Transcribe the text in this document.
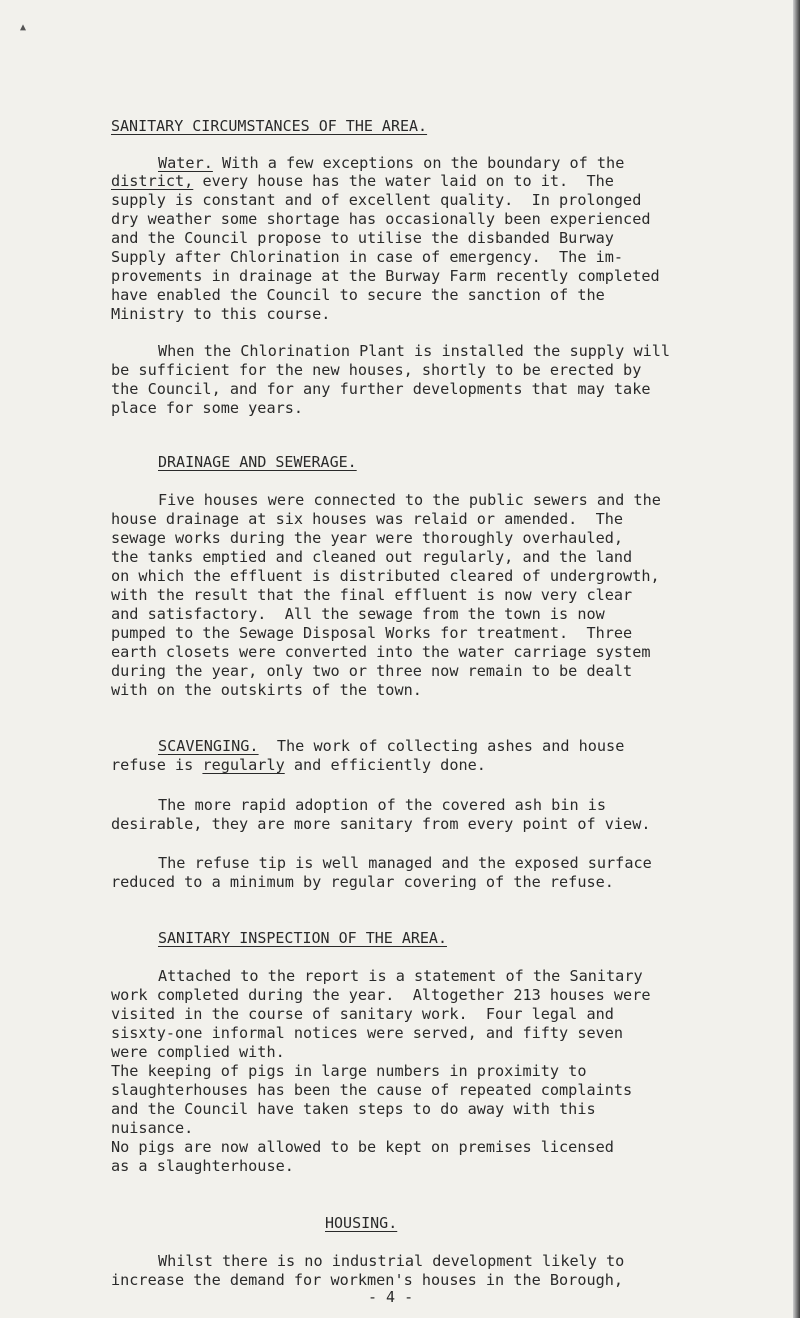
▲
SANITARY CIRCUMSTANCES OF THE AREA.
Water. With a few exceptions on the boundary of the
district, every house has the water laid on to it.  The
supply is constant and of excellent quality.  In prolonged
dry weather some shortage has occasionally been experienced
and the Council propose to utilise the disbanded Burway
Supply after Chlorination in case of emergency.  The im-
provements in drainage at the Burway Farm recently completed
have enabled the Council to secure the sanction of the
Ministry to this course.
When the Chlorination Plant is installed the supply will
be sufficient for the new houses, shortly to be erected by
the Council, and for any further developments that may take
place for some years.
DRAINAGE AND SEWERAGE.
Five houses were connected to the public sewers and the
house drainage at six houses was relaid or amended.  The
sewage works during the year were thoroughly overhauled,
the tanks emptied and cleaned out regularly, and the land
on which the effluent is distributed cleared of undergrowth,
with the result that the final effluent is now very clear
and satisfactory.  All the sewage from the town is now
pumped to the Sewage Disposal Works for treatment.  Three
earth closets were converted into the water carriage system
during the year, only two or three now remain to be dealt
with on the outskirts of the town.
SCAVENGING.  The work of collecting ashes and house
refuse is regularly and efficiently done.
The more rapid adoption of the covered ash bin is
desirable, they are more sanitary from every point of view.
The refuse tip is well managed and the exposed surface
reduced to a minimum by regular covering of the refuse.
SANITARY INSPECTION OF THE AREA.
Attached to the report is a statement of the Sanitary
work completed during the year.  Altogether 213 houses were
visited in the course of sanitary work.  Four legal and
sisxty-one informal notices were served, and fifty seven
were complied with.
The keeping of pigs in large numbers in proximity to
slaughterhouses has been the cause of repeated complaints
and the Council have taken steps to do away with this
nuisance.
No pigs are now allowed to be kept on premises licensed
as a slaughterhouse.
HOUSING.
Whilst there is no industrial development likely to
increase the demand for workmen's houses in the Borough,
- 4 -
